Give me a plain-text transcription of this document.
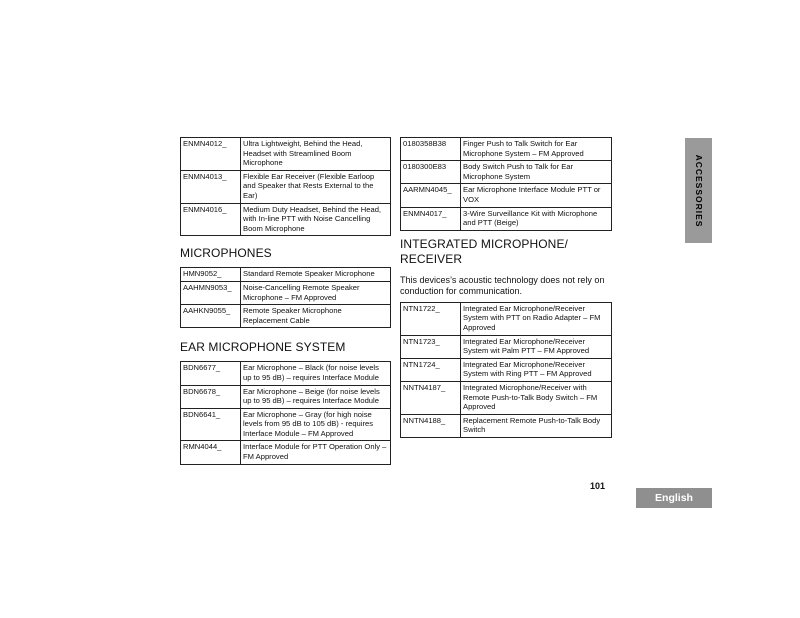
ENMN4012_	Ultra Lightweight, Behind the Head, Headset with Streamlined Boom Microphone
ENMN4013_	Flexible Ear Receiver (Flexible Earloop and Speaker that Rests External to the Ear)
ENMN4016_	Medium Duty Headset, Behind the Head, with In-line PTT with Noise Cancelling Boom Microphone
MICROPHONES
HMN9052_	Standard Remote Speaker Microphone
AAHMN9053_	Noise-Cancelling Remote Speaker Microphone – FM Approved
AAHKN9055_	Remote Speaker Microphone Replacement Cable
EAR MICROPHONE SYSTEM
BDN6677_	Ear Microphone – Black (for noise levels up to 95 dB) – requires Interface Module
BDN6678_	Ear Microphone – Beige (for noise levels up to 95 dB) – requires Interface Module
BDN6641_	Ear Microphone – Gray (for high noise levels from 95 dB to 105 dB) - requires Interface Module – FM Approved
RMN4044_	Interface Module for PTT Operation Only – FM Approved
0180358B38	Finger Push to Talk Switch for Ear Microphone System – FM Approved
0180300E83	Body Switch Push to Talk for Ear Microphone System
AARMN4045_	Ear Microphone Interface Module PTT or VOX
ENMN4017_	3-Wire Surveillance Kit with Microphone and PTT (Beige)
INTEGRATED MICROPHONE/
RECEIVER

This devices’s acoustic technology does not rely on conduction for communication.

NTN1722_	Integrated Ear Microphone/Receiver System with PTT on Radio Adapter – FM Approved
NTN1723_	Integrated Ear Microphone/Receiver System wit Palm PTT – FM Approved
NTN1724_	Integrated Ear Microphone/Receiver System with Ring PTT – FM Approved
NNTN4187_	Integrated Microphone/Receiver with Remote Push-to-Talk Body Switch – FM Approved
NNTN4188_	Replacement Remote Push-to-Talk Body Switch
ACCESSORIES
101
English
